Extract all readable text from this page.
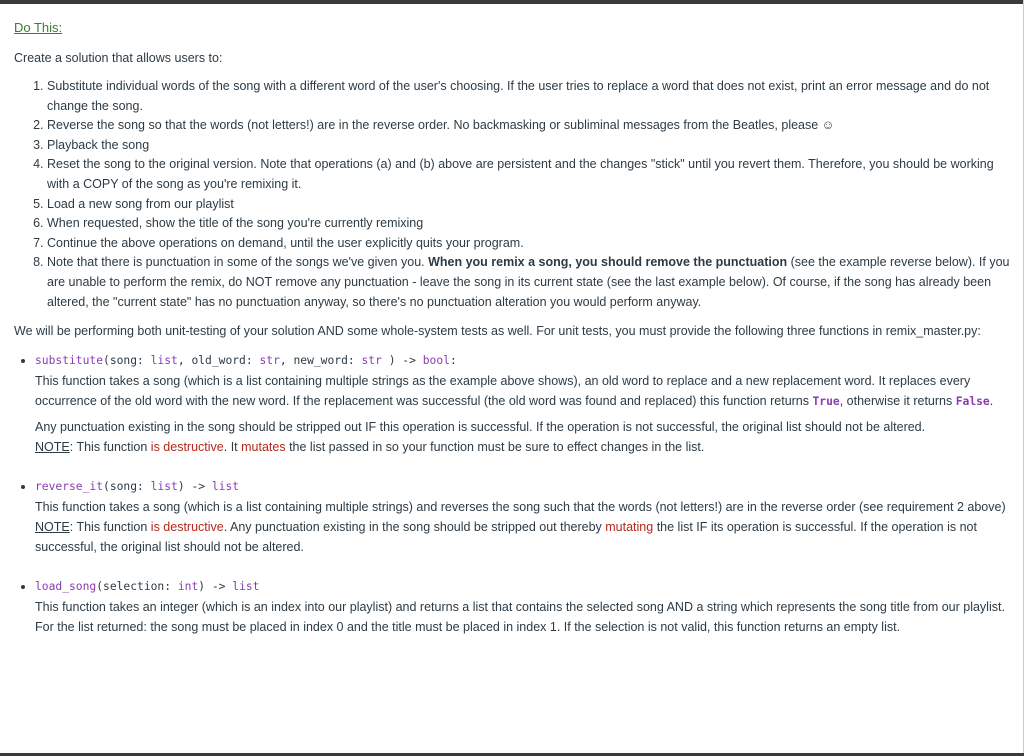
Do This:

Create a solution that allows users to:

1. Substitute individual words of the song with a different word of the user's choosing. If the user tries to replace a word that does not exist, print an error message and do not change the song.
2. Reverse the song so that the words (not letters!) are in the reverse order. No backmasking or subliminal messages from the Beatles, please ☺
3. Playback the song
4. Reset the song to the original version. Note that operations (a) and (b) above are persistent and the changes "stick" until you revert them. Therefore, you should be working with a COPY of the song as you're remixing it.
5. Load a new song from our playlist
6. When requested, show the title of the song you're currently remixing
7. Continue the above operations on demand, until the user explicitly quits your program.
8. Note that there is punctuation in some of the songs we've given you. When you remix a song, you should remove the punctuation (see the example reverse below). If you are unable to perform the remix, do NOT remove any punctuation - leave the song in its current state (see the last example below). Of course, if the song has already been altered, the "current state" has no punctuation anyway, so there's no punctuation alteration you would perform anyway.

We will be performing both unit-testing of your solution AND some whole-system tests as well. For unit tests, you must provide the following three functions in remix_master.py:

• substitute(song: list, old_word: str, new_word: str ) -> bool:

This function takes a song (which is a list containing multiple strings as the example above shows), an old word to replace and a new replacement word. It replaces every occurrence of the old word with the new word. If the replacement was successful (the old word was found and replaced) this function returns True, otherwise it returns False.

Any punctuation existing in the song should be stripped out IF this operation is successful. If the operation is not successful, the original list should not be altered.

NOTE: This function is destructive. It mutates the list passed in so your function must be sure to effect changes in the list.

• reverse_it(song: list) -> list

This function takes a song (which is a list containing multiple strings) and reverses the song such that the words (not letters!) are in the reverse order (see requirement 2 above)

NOTE: This function is destructive. Any punctuation existing in the song should be stripped out thereby mutating the list IF its operation is successful. If the operation is not successful, the original list should not be altered.

• load_song(selection: int) -> list

This function takes an integer (which is an index into our playlist) and returns a list that contains the selected song AND a string which represents the song title from our playlist. For the list returned: the song must be placed in index 0 and the title must be placed in index 1. If the selection is not valid, this function returns an empty list.
